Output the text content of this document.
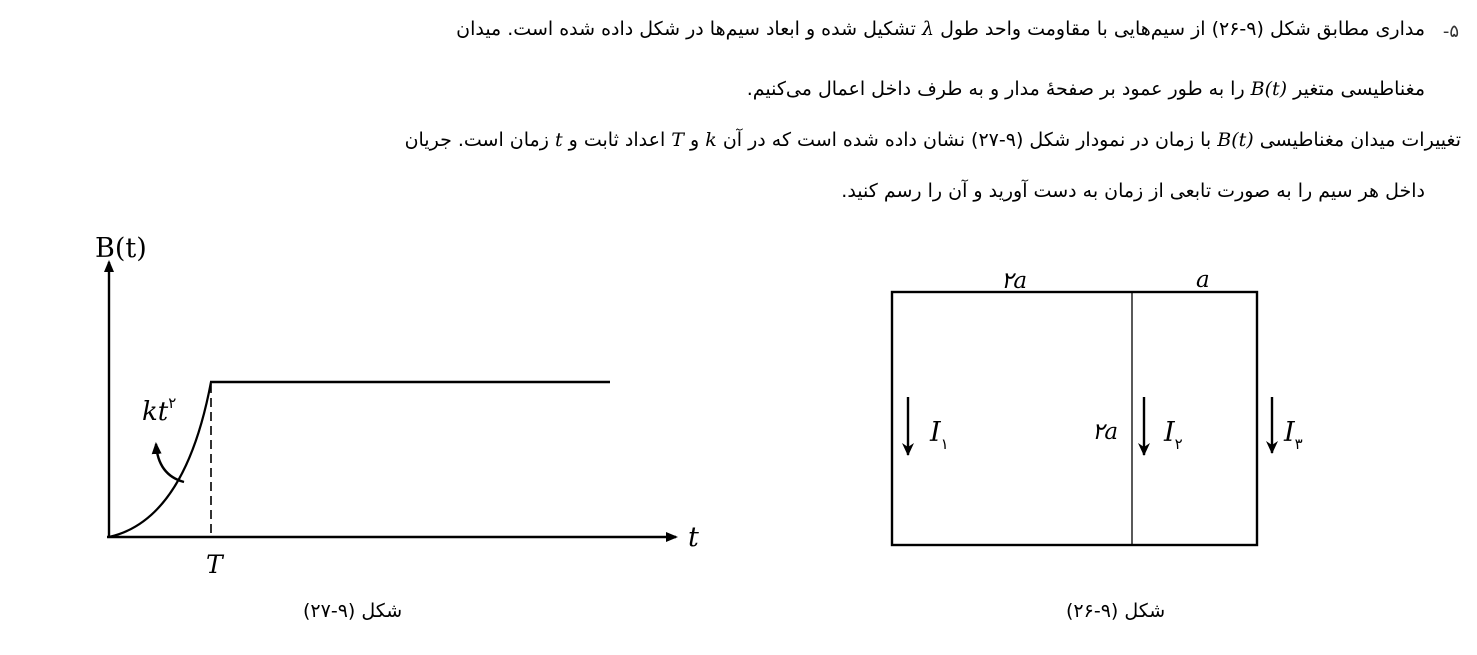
۵-
مداری مطابق شکل (۹-۲۶) از سیم‌هایی با مقاومت واحد طول λ تشکیل شده و ابعاد سیم‌ها در شکل داده شده است. میدان
مغناطیسی متغیر B(t) را به طور عمود بر صفحهٔ مدار و به طرف داخل اعمال می‌کنیم.
تغییرات میدان مغناطیسی B(t) با زمان در نمودار شکل (۹-۲۷) نشان داده شده است که در آن k و T اعداد ثابت و t زمان است. جریان
داخل هر سیم را به صورت تابعی از زمان به دست آورید و آن را رسم کنید.
B(t)
t
T
$kt^۲$
شکل (۹-۲۷)
$I_۱$	$I_۲$	$I_۳$
۲a	a
۲a
شکل (۹-۲۶)
